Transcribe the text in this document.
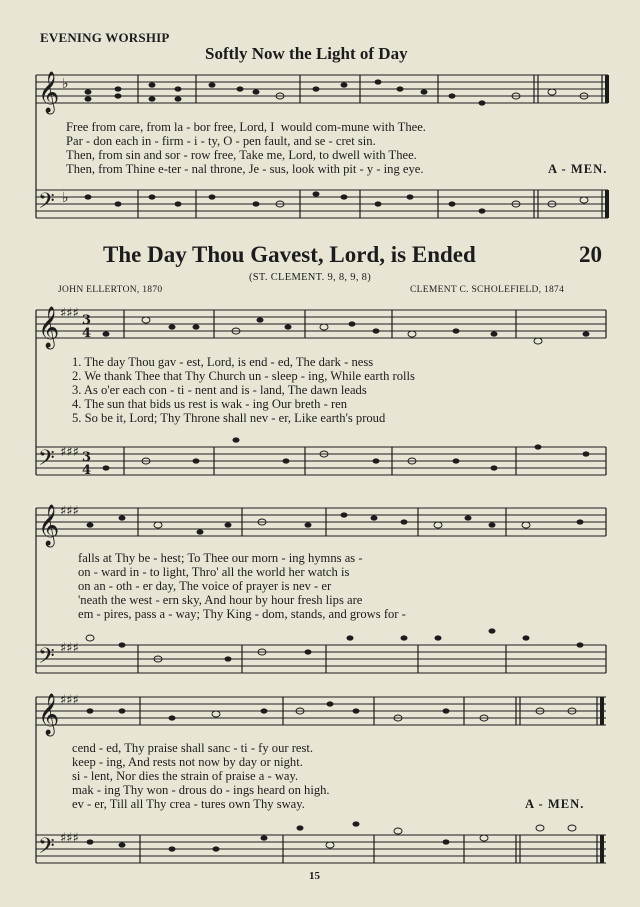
EVENING WORSHIP
Softly Now the Light of Day
𝄞
𝄢
♭
♭
𝄞
𝄢
♯♯♯
♯♯♯
3
4
3
4
𝄞
𝄢
♯♯♯
♯♯♯
𝄞
𝄢
♯♯♯
♯♯♯
Free from care, from la - bor free, Lord, I  would com-mune with Thee.
Par - don each in - firm - i - ty, O - pen fault, and se - cret sin.
Then, from sin and sor - row free, Take me, Lord, to dwell with Thee.
Then, from Thine e-ter - nal throne, Je - sus, look with pit - y - ing eye.	A - MEN.
The Day Thou Gavest, Lord, is Ended	20
(ST. CLEMENT. 9, 8, 9, 8)
JOHN ELLERTON, 1870	CLEMENT C. SCHOLEFIELD, 1874
1. The day Thou gav - est, Lord, is end - ed, The dark - ness
2. We thank Thee that Thy Church un - sleep - ing, While earth rolls
3. As o'er each con - ti - nent and is - land, The dawn leads
4. The sun that bids us rest is wak - ing Our breth - ren
5. So be it, Lord; Thy Throne shall nev - er, Like earth's proud
falls at Thy be - hest; To Thee our morn - ing hymns as -
on - ward in - to light, Thro' all the world her watch is
on an - oth - er day, The voice of prayer is nev - er
'neath the west - ern sky, And hour by hour fresh lips are
em - pires, pass a - way; Thy King - dom, stands, and grows for -
cend - ed, Thy praise shall sanc - ti - fy our rest.
keep - ing, And rests not now by day or night.
si - lent, Nor dies the strain of praise a - way.
mak - ing Thy won - drous do - ings heard on high.
ev - er, Till all Thy crea - tures own Thy sway.	A - MEN.
15
